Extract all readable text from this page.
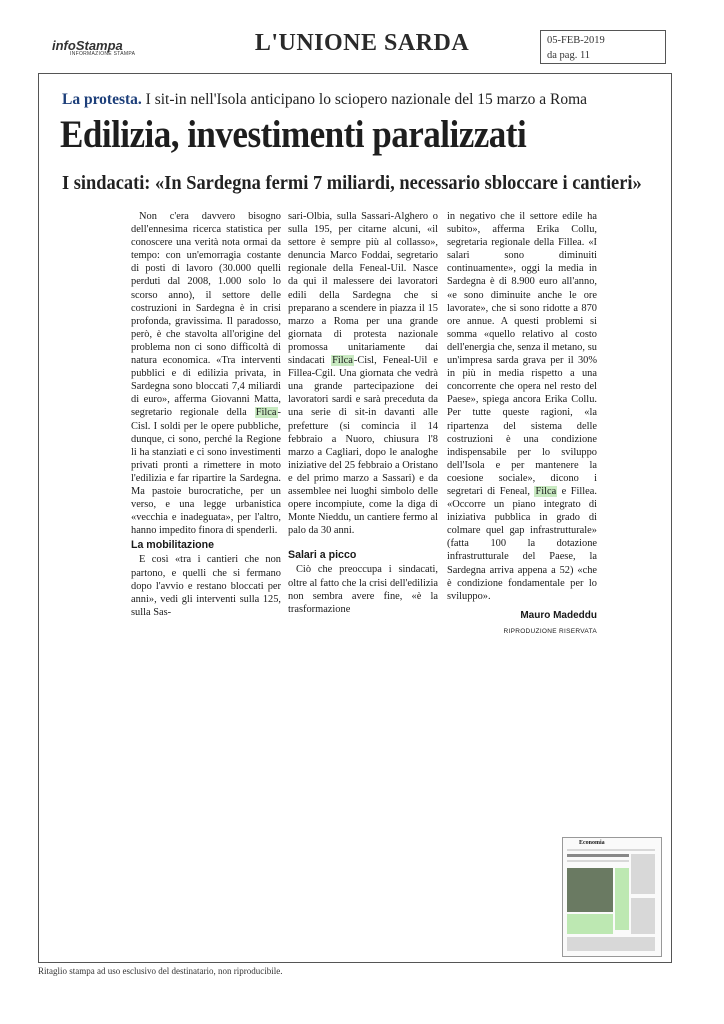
infoStampa
INFORMAZIONE STAMPA	L'UNIONE SARDA	05-FEB-2019
da pag. 11
La protesta. I sit-in nell'Isola anticipano lo sciopero nazionale del 15 marzo a Roma
Edilizia, investimenti paralizzati
I sindacati: «In Sardegna fermi 7 miliardi, necessario sbloccare i cantieri»

Non c'era davvero bisogno dell'ennesima ricerca statistica per conoscere una verità nota ormai da tempo: con un'emorragia costante di posti di lavoro (30.000 quelli perduti dal 2008, 1.000 solo lo scorso anno), il settore delle costruzioni in Sardegna è in crisi profonda, gravissima. Il paradosso, però, è che stavolta all'origine del problema non ci sono difficoltà di natura economica. «Tra interventi pubblici e di edilizia privata, in Sardegna sono bloccati 7,4 miliardi di euro», afferma Giovanni Matta, segretario regionale della Filca-Cisl. I soldi per le opere pubbliche, dunque, ci sono, perché la Regione li ha stanziati e ci sono investimenti privati pronti a rimettere in moto l'edilizia e far ripartire la Sardegna. Ma pastoie burocratiche, per un verso, e una legge urbanistica «vecchia e inadeguata», per l'altro, hanno impedito finora di spenderli.

La mobilitazione

E così «tra i cantieri che non partono, e quelli che si fermano dopo l'avvio e restano bloccati per anni», vedi gli interventi sulla 125, sulla Sas-

sari-Olbia, sulla Sassari-Alghero o sulla 195, per citarne alcuni, «il settore è sempre più al collasso», denuncia Marco Foddai, segretario regionale della Feneal-Uil. Nasce da qui il malessere dei lavoratori edili della Sardegna che si preparano a scendere in piazza il 15 marzo a Roma per una grande giornata di protesta nazionale promossa unitariamente dai sindacati Filca-Cisl, Feneal-Uil e Fillea-Cgil. Una giornata che vedrà una grande partecipazione dei lavoratori sardi e sarà preceduta da una serie di sit-in davanti alle prefetture (si comincia il 14 febbraio a Nuoro, chiusura l'8 marzo a Cagliari, dopo le analoghe iniziative del 25 febbraio a Oristano e del primo marzo a Sassari) e da assemblee nei luoghi simbolo delle opere incompiute, come la diga di Monte Nieddu, un cantiere fermo al palo da 30 anni.

Salari a picco

Ciò che preoccupa i sindacati, oltre al fatto che la crisi dell'edilizia non sembra avere fine, «è la trasformazione

in negativo che il settore edile ha subito», afferma Erika Collu, segretaria regionale della Fillea. «I salari sono diminuiti continuamente», oggi la media in Sardegna è di 8.900 euro all'anno, «e sono diminuite anche le ore lavorate», che si sono ridotte a 870 ore annue. A questi problemi si somma «quello relativo al costo dell'energia che, senza il metano, su un'impresa sarda grava per il 30% in più in media rispetto a una concorrente che opera nel resto del Paese», spiega ancora Erika Collu. Per tutte queste ragioni, «la ripartenza del sistema delle costruzioni è una condizione indispensabile per lo sviluppo dell'Isola e per mantenere la coesione sociale», dicono i segretari di Feneal, Filca e Fillea. «Occorre un piano integrato di iniziativa pubblica in grado di colmare quel gap infrastrutturale» (fatta 100 la dotazione infrastrutturale del Paese, la Sardegna arriva appena a 52) «che è condizione fondamentale per lo sviluppo».

Mauro Madeddu
RIPRODUZIONE RISERVATA
Economia
Ritaglio stampa ad uso esclusivo del destinatario, non riproducibile.
